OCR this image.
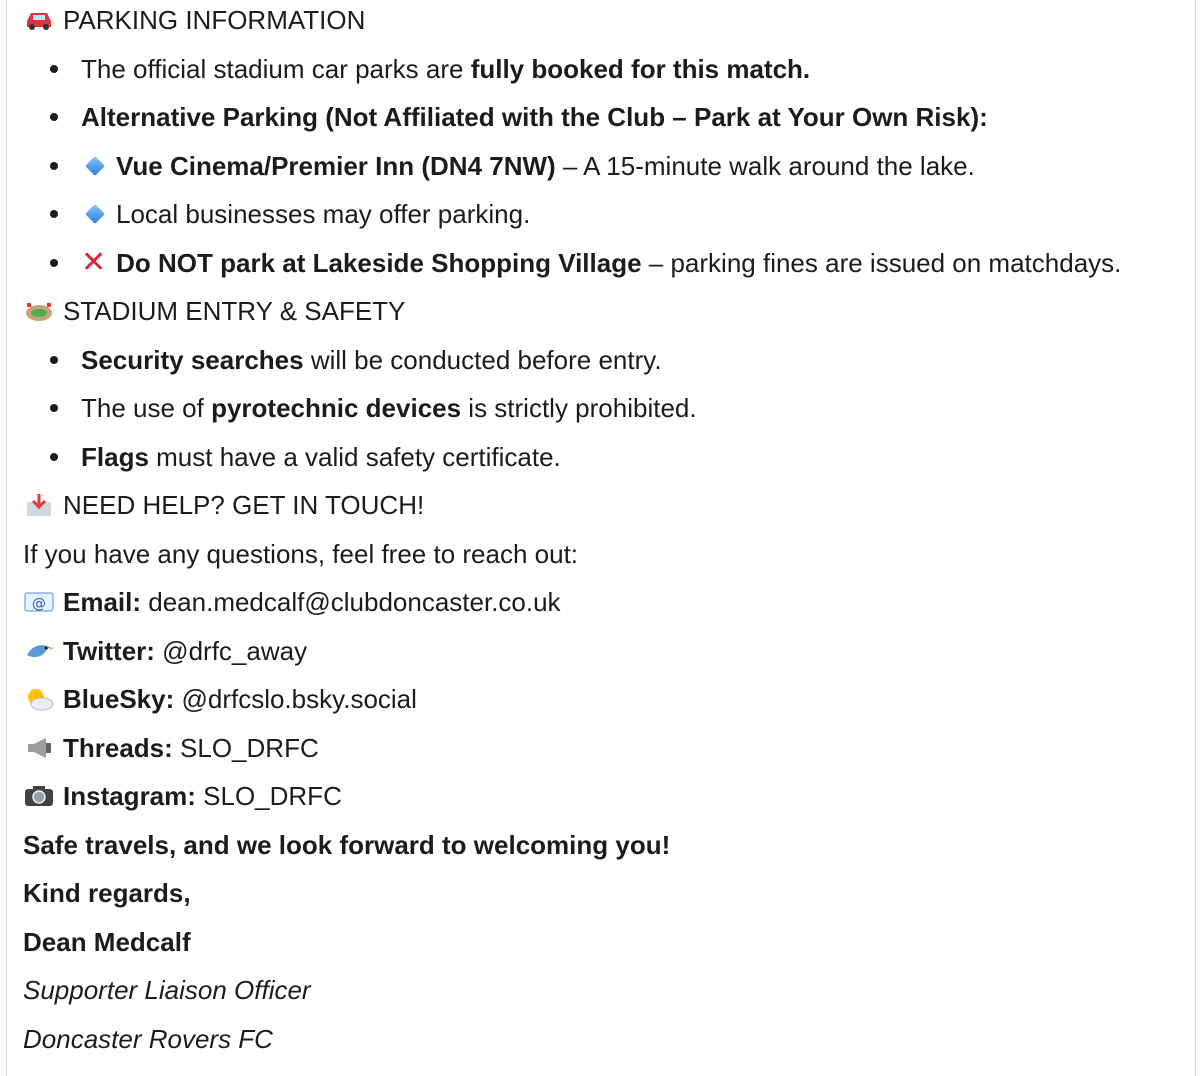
PARKING INFORMATION
The official stadium car parks are fully booked for this match.
Alternative Parking (Not Affiliated with the Club – Park at Your Own Risk):
Vue Cinema/Premier Inn (DN4 7NW) – A 15-minute walk around the lake.
Local businesses may offer parking.
✕ Do NOT park at Lakeside Shopping Village – parking fines are issued on matchdays.
STADIUM ENTRY & SAFETY
Security searches will be conducted before entry.
The use of pyrotechnic devices is strictly prohibited.
Flags must have a valid safety certificate.
NEED HELP? GET IN TOUCH!
If you have any questions, feel free to reach out:
@ Email: dean.medcalf@clubdoncaster.co.uk
Twitter: @drfc_away
BlueSky: @drfcslo.bsky.social
Threads: SLO_DRFC
Instagram: SLO_DRFC
Safe travels, and we look forward to welcoming you!
Kind regards,
Dean Medcalf
Supporter Liaison Officer
Doncaster Rovers FC
